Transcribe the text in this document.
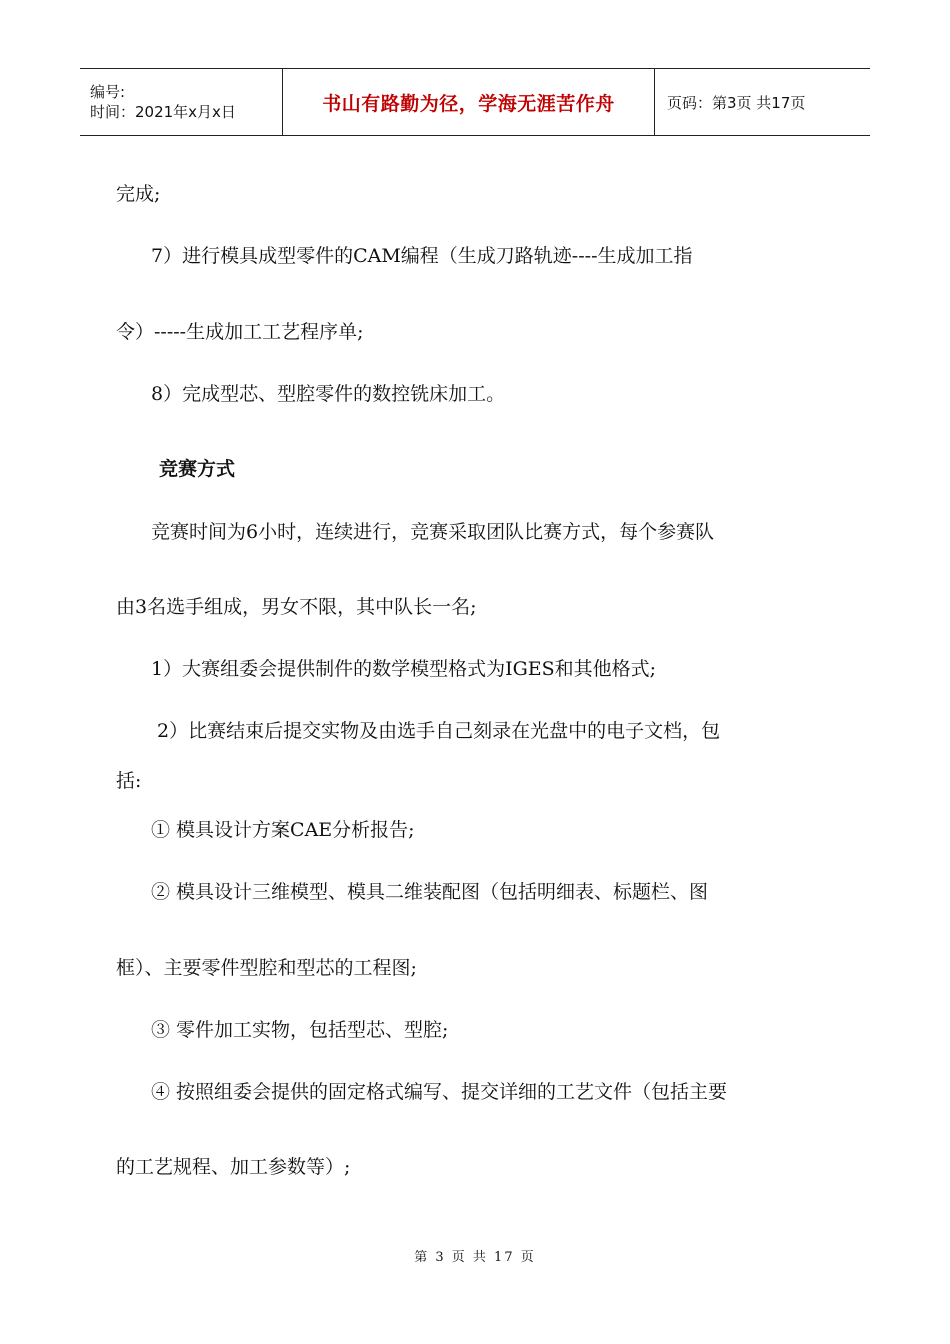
编号:
时间：2021年x月x日	书山有路勤为径，学海无涯苦作舟	页码：第3页 共17页
完成;
7）进行模具成型零件的CAM编程（生成刀路轨迹----生成加工指
令）-----生成加工工艺程序单;
8）完成型芯、型腔零件的数控铣床加工。
竞赛方式
竞赛时间为6小时，连续进行，竞赛采取团队比赛方式，每个参赛队
由3名选手组成，男女不限，其中队长一名;
1）大赛组委会提供制件的数学模型格式为IGES和其他格式;
2）比赛结束后提交实物及由选手自己刻录在光盘中的电子文档，包
括:
① 模具设计方案CAE分析报告;
② 模具设计三维模型、模具二维装配图（包括明细表、标题栏、图
框）、主要零件型腔和型芯的工程图;
③ 零件加工实物，包括型芯、型腔;
④ 按照组委会提供的固定格式编写、提交详细的工艺文件（包括主要
的工艺规程、加工参数等）;
第 3 页 共 17 页
